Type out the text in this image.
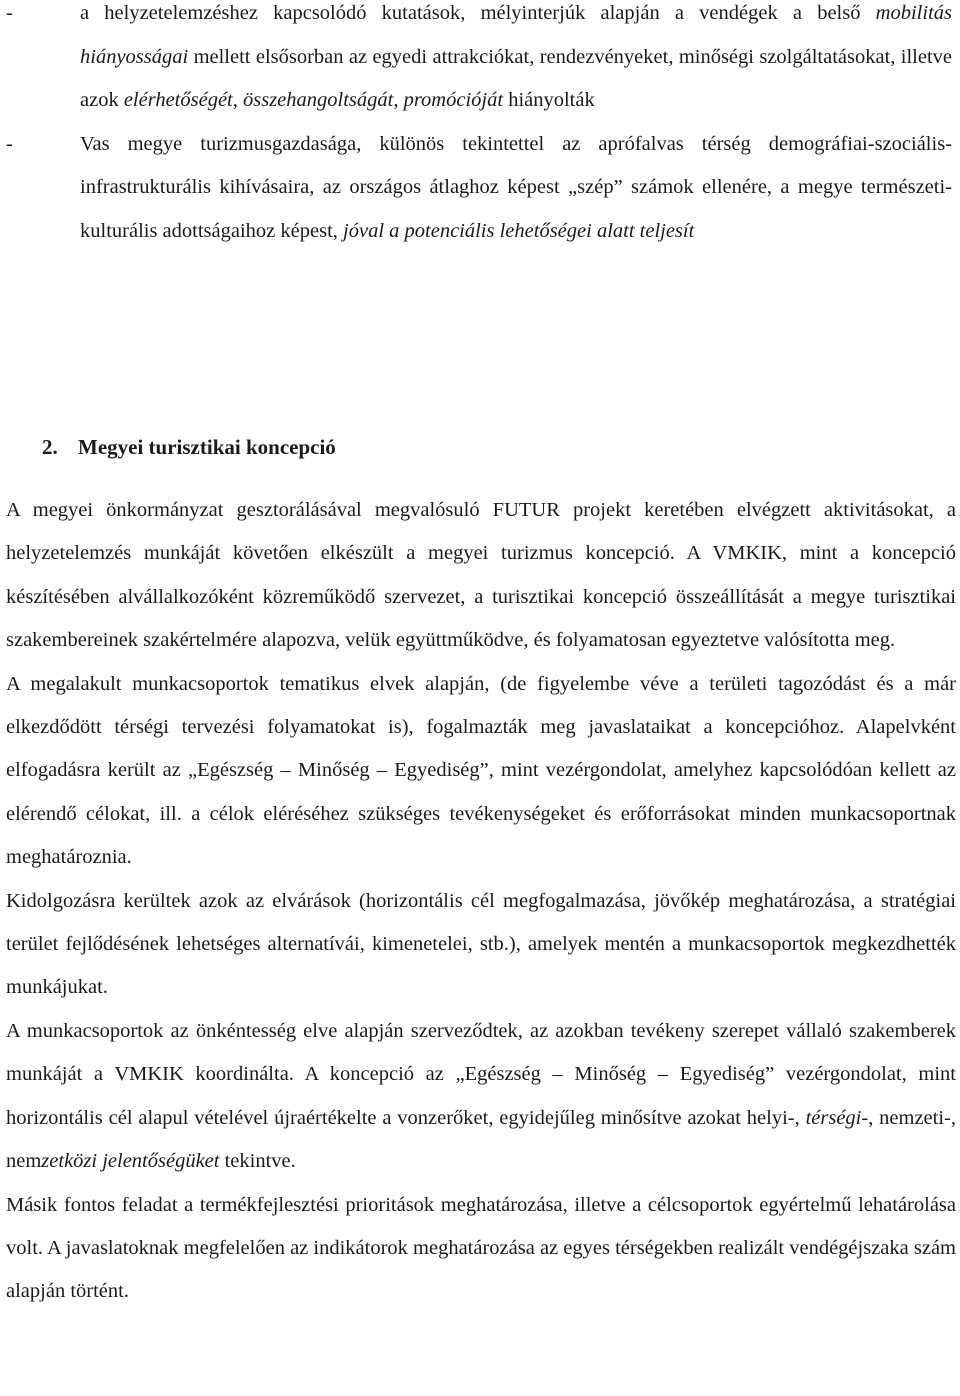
-	a helyzetelemzéshez kapcsolódó kutatások, mélyinterjúk alapján a vendégek a belső mobilitás hiányosságai mellett elsősorban az egyedi attrakciókat, rendezvényeket, minőségi szolgáltatásokat, illetve azok elérhetőségét, összehangoltságát, promócióját hiányolták
-	Vas megye turizmusgazdasága, különös tekintettel az aprófalvas térség demográfiai-szociális-infrastrukturális kihívásaira, az országos átlaghoz képest „szép” számok ellenére, a megye természeti-kulturális adottságaihoz képest, jóval a potenciális lehetőségei alatt teljesít
2. Megyei turisztikai koncepció

A megyei önkormányzat gesztorálásával megvalósuló FUTUR projekt keretében elvégzett aktivitásokat, a helyzetelemzés munkáját követően elkészült a megyei turizmus koncepció. A VMKIK, mint a koncepció készítésében alvállalkozóként közreműködő szervezet, a turisztikai koncepció összeállítását a megye turisztikai szakembereinek szakértelmére alapozva, velük együttműködve, és folyamatosan egyeztetve valósította meg.

A megalakult munkacsoportok tematikus elvek alapján, (de figyelembe véve a területi tagozódást és a már elkezdődött térségi tervezési folyamatokat is), fogalmazták meg javaslataikat a koncepcióhoz. Alapelvként elfogadásra került az „Egészség – Minőség – Egyediség”, mint vezérgondolat, amelyhez kapcsolódóan kellett az elérendő célokat, ill. a célok eléréséhez szükséges tevékenységeket és erőforrásokat minden munkacsoportnak meghatároznia.

Kidolgozásra kerültek azok az elvárások (horizontális cél megfogalmazása, jövőkép meghatározása, a stratégiai terület fejlődésének lehetséges alternatívái, kimenetelei, stb.), amelyek mentén a munkacsoportok megkezdhették munkájukat.

A munkacsoportok az önkéntesség elve alapján szerveződtek, az azokban tevékeny szerepet vállaló szakemberek munkáját a VMKIK koordinálta. A koncepció az „Egészség – Minőség – Egyediség” vezérgondolat, mint horizontális cél alapul vételével újraértékelte a vonzerőket, egyidejűleg minősítve azokat helyi-, térségi-, nemzeti-, nemzetközi jelentőségüket tekintve.

Másik fontos feladat a termékfejlesztési prioritások meghatározása, illetve a célcsoportok egyértelmű lehatárolása volt. A javaslatoknak megfelelően az indikátorok meghatározása az egyes térségekben realizált vendégéjszaka szám alapján történt.
